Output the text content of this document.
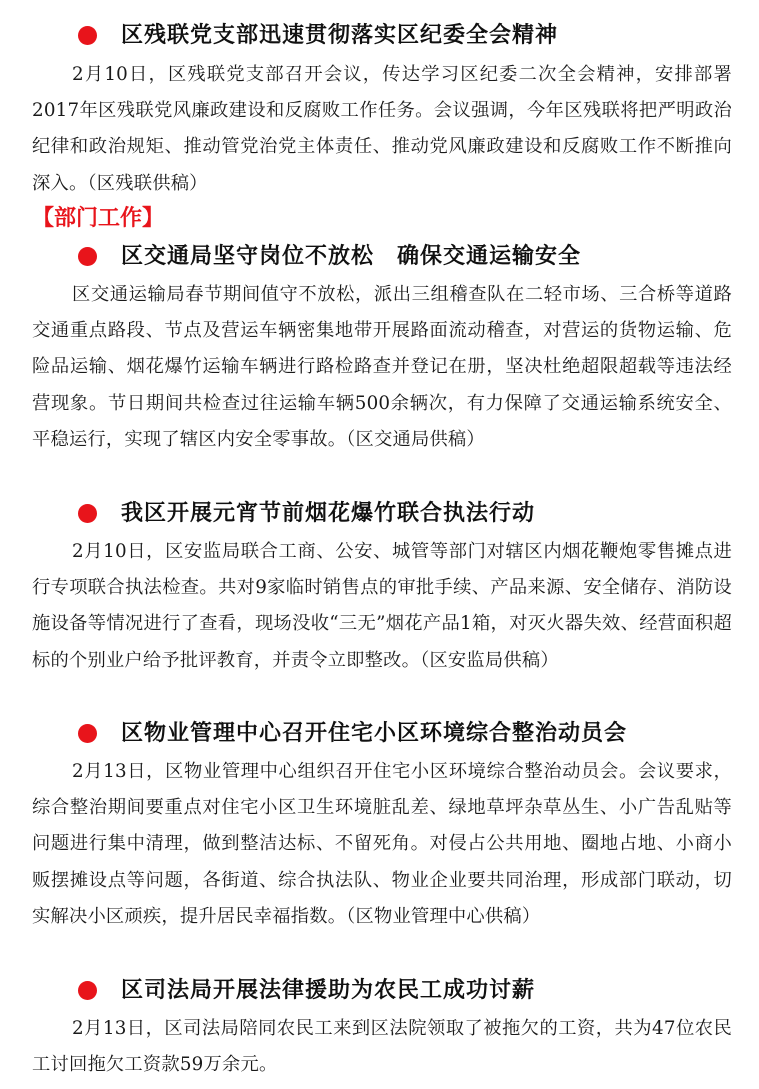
区残联党支部迅速贯彻落实区纪委全会精神
2月10日，区残联党支部召开会议，传达学习区纪委二次全会精神，安排部署2017年区残联党风廉政建设和反腐败工作任务。会议强调，今年区残联将把严明政治纪律和政治规矩、推动管党治党主体责任、推动党风廉政建设和反腐败工作不断推向深入。（区残联供稿）
【部门工作】
区交通局坚守岗位不放松　确保交通运输安全
区交通运输局春节期间值守不放松，派出三组稽查队在二轻市场、三合桥等道路交通重点路段、节点及营运车辆密集地带开展路面流动稽查，对营运的货物运输、危险品运输、烟花爆竹运输车辆进行路检路查并登记在册，坚决杜绝超限超载等违法经营现象。节日期间共检查过往运输车辆500余辆次，有力保障了交通运输系统安全、平稳运行，实现了辖区内安全零事故。（区交通局供稿）
我区开展元宵节前烟花爆竹联合执法行动
2月10日，区安监局联合工商、公安、城管等部门对辖区内烟花鞭炮零售摊点进行专项联合执法检查。共对9家临时销售点的审批手续、产品来源、安全储存、消防设施设备等情况进行了查看，现场没收“三无”烟花产品1箱，对灭火器失效、经营面积超标的个别业户给予批评教育，并责令立即整改。（区安监局供稿）
区物业管理中心召开住宅小区环境综合整治动员会
2月13日，区物业管理中心组织召开住宅小区环境综合整治动员会。会议要求，综合整治期间要重点对住宅小区卫生环境脏乱差、绿地草坪杂草丛生、小广告乱贴等问题进行集中清理，做到整洁达标、不留死角。对侵占公共用地、圈地占地、小商小贩摆摊设点等问题，各街道、综合执法队、物业企业要共同治理，形成部门联动，切实解决小区顽疾，提升居民幸福指数。（区物业管理中心供稿）
区司法局开展法律援助为农民工成功讨薪
2月13日，区司法局陪同农民工来到区法院领取了被拖欠的工资，共为47位农民工讨回拖欠工资款59万余元。
